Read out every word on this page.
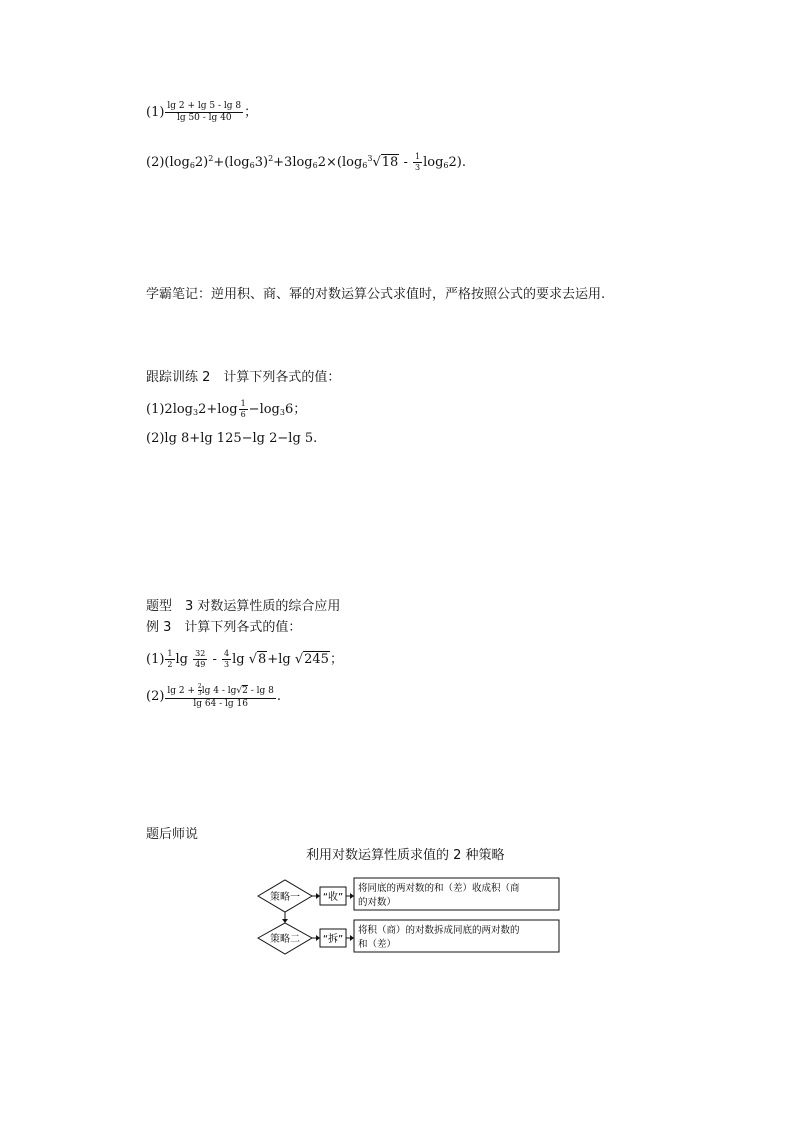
$(1) \frac{\lg 2 + \lg 5 - \lg 8}{\lg 50 - \lg 40}$ ；
$(2)(\log_62)^2+(\log_63)^2+3\log_62\times(\log_6^3√18 - \frac{1}{3} \log_62)$.
学霸笔记：逆用积、商、幂的对数运算公式求值时，严格按照公式的要求去运用.
跟踪训练 2　计算下列各式的值：
$(1)2\log_32+\log \frac{1}{6} -\log_36$；
(2)lg 8+lg 125−lg 2−lg 5.
题型　3 对数运算性质的综合应用
例 3　计算下列各式的值：
$(1) \frac{1}{2}$ $\lg \frac{32}{49} - \frac{4}{3}$ lg √8+lg √245；
$(2) \frac{\lg 2 + \frac{2}{3} \lg 4 - \lg√2 - \lg 8}{\lg 64 - \lg 16}$ .
题后师说
利用对数运算性质求值的 2 种策略
策略一 “收”
将同底的两对数的和（差）收成积（商
的对数）
策略二 “拆”
将积（商）的对数拆成同底的两对数的
和（差）
